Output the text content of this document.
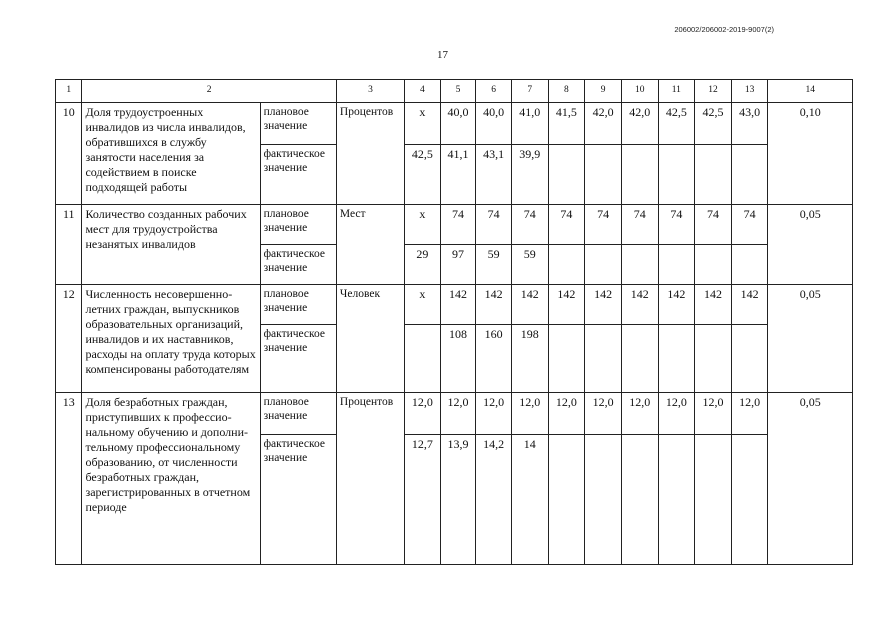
206002/206002-2019-9007(2)
17
1	2		3	4	5	6	7	8	9	10	11	12	13	14
10	Доля трудоустроенных инвалидов из числа инвалидов, обратившихся в службу занятости населения за содействием в поиске подходящей работы	плановое значение	Процентов	x	40,0	40,0	41,0	41,5	42,0	42,0	42,5	42,5	43,0	0,10
		фактическое значение		42,5	41,1	43,1	39,9							
11	Количество созданных рабочих мест для трудоустройства незанятых инвалидов	плановое значение	Мест	x	74	74	74	74	74	74	74	74	74	0,05
		фактическое значение		29	97	59	59							
12	Численность несовершенно-летних граждан, выпускников образовательных организаций, инвалидов и их наставников, расходы на оплату труда которых компенсированы работодателям	плановое значение	Человек	x	142	142	142	142	142	142	142	142	142	0,05
		фактическое значение			108	160	198							
13	Доля безработных граждан, приступивших к профессио-нальному обучению и дополни-тельному профессиональному образованию, от численности безработных граждан, зарегистрированных в отчетном периоде	плановое значение	Процентов	12,0	12,0	12,0	12,0	12,0	12,0	12,0	12,0	12,0	12,0	0,05
		фактическое значение		12,7	13,9	14,2	14							
